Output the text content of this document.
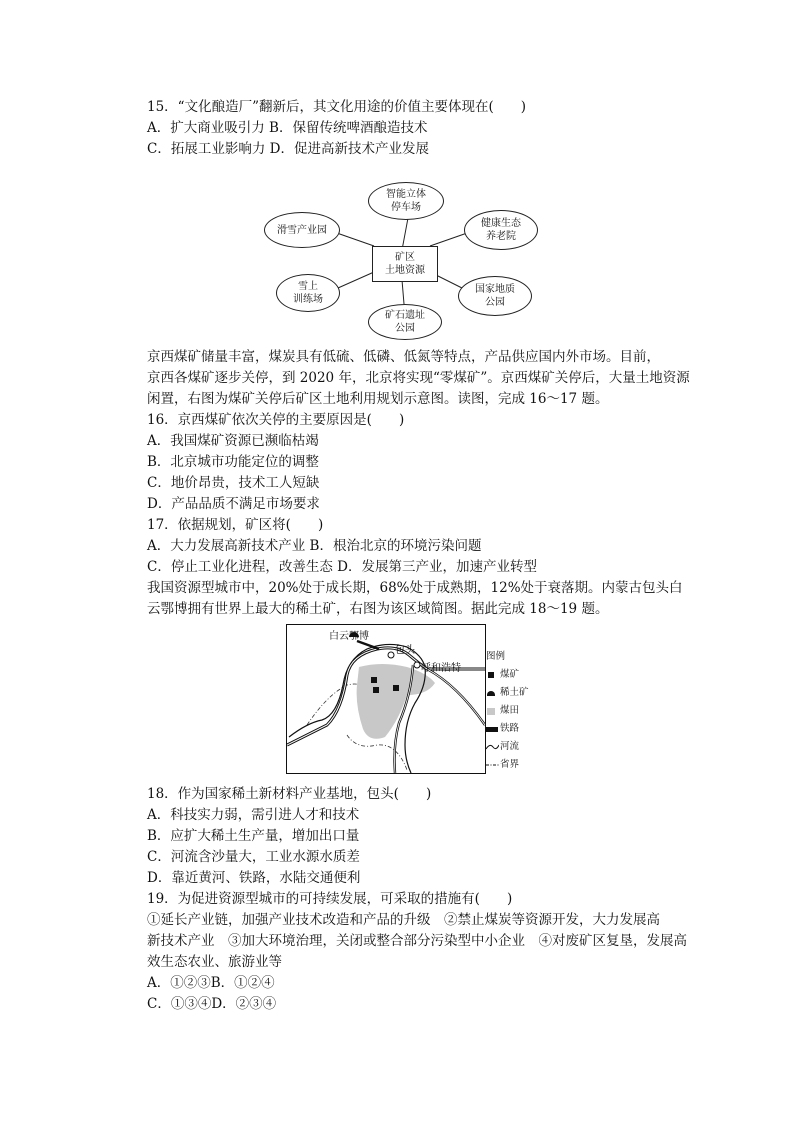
15．“文化酿造厂”翻新后，其文化用途的价值主要体现在(　　)
A．扩大商业吸引力 B．保留传统啤酒酿造技术
C．拓展工业影响力 D．促进高新技术产业发展
矿区
土地资源
智能立体
停车场
滑雪产业园
健康生态
养老院
雪上
训练场
矿石遗址
公园
国家地质
公园
京西煤矿储量丰富，煤炭具有低硫、低磷、低氮等特点，产品供应国内外市场。目前，
京西各煤矿逐步关停，到 2020 年，北京将实现“零煤矿”。京西煤矿关停后，大量土地资源
闲置，右图为煤矿关停后矿区土地利用规划示意图。读图，完成 16～17 题。
16．京西煤矿依次关停的主要原因是(　　)
A．我国煤矿资源已濒临枯竭
B．北京城市功能定位的调整
C．地价昂贵，技术工人短缺
D．产品品质不满足市场要求
17．依据规划，矿区将(　　)
A．大力发展高新技术产业 B．根治北京的环境污染问题
C．停止工业化进程，改善生态 D．发展第三产业，加速产业转型
我国资源型城市中，20%处于成长期，68%处于成熟期，12%处于衰落期。内蒙古包头白
云鄂博拥有世界上最大的稀土矿，右图为该区域简图。据此完成 18～19 题。
白云鄂博
包头
呼和浩特
图例
煤矿
稀土矿
煤田
铁路
河流
省界
18．作为国家稀土新材料产业基地，包头(　　)
A．科技实力弱，需引进人才和技术
B．应扩大稀土生产量，增加出口量
C．河流含沙量大，工业水源水质差
D．靠近黄河、铁路，水陆交通便利
19．为促进资源型城市的可持续发展，可采取的措施有(　　)
①延长产业链，加强产业技术改造和产品的升级　②禁止煤炭等资源开发，大力发展高
新技术产业　③加大环境治理，关闭或整合部分污染型中小企业　④对废矿区复垦，发展高
效生态农业、旅游业等
A．①②③B．①②④
C．①③④D．②③④
